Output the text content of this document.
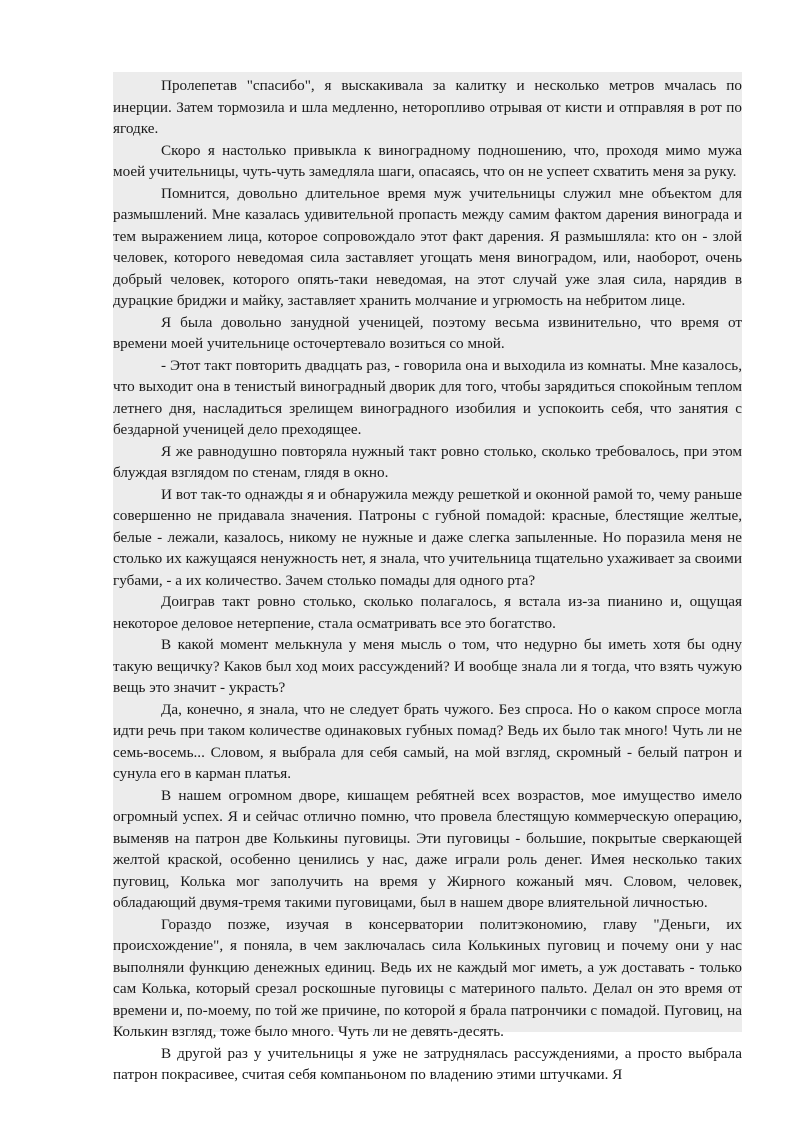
Пролепетав "спасибо", я выскакивала за калитку и несколько метров мчалась по инерции. Затем тормозила и шла медленно, неторопливо отрывая от кисти и отправляя в рот по ягодке.

Скоро я настолько привыкла к виноградному подношению, что, проходя мимо мужа моей учительницы, чуть-чуть замедляла шаги, опасаясь, что он не успеет схватить меня за руку.

Помнится, довольно длительное время муж учительницы служил мне объектом для размышлений. Мне казалась удивительной пропасть между самим фактом дарения винограда и тем выражением лица, которое сопровождало этот факт дарения. Я размышляла: кто он - злой человек, которого неведомая сила заставляет угощать меня виноградом, или, наоборот, очень добрый человек, которого опять-таки неведомая, на этот случай уже злая сила, нарядив в дурацкие бриджи и майку, заставляет хранить молчание и угрюмость на небритом лице.

Я была довольно занудной ученицей, поэтому весьма извинительно, что время от времени моей учительнице осточертевало возиться со мной.

- Этот такт повторить двадцать раз, - говорила она и выходила из комнаты. Мне казалось, что выходит она в тенистый виноградный дворик для того, чтобы зарядиться спокойным теплом летнего дня, насладиться зрелищем виноградного изобилия и успокоить себя, что занятия с бездарной ученицей дело преходящее.

Я же равнодушно повторяла нужный такт ровно столько, сколько требовалось, при этом блуждая взглядом по стенам, глядя в окно.

И вот так-то однажды я и обнаружила между решеткой и оконной рамой то, чему раньше совершенно не придавала значения. Патроны с губной помадой: красные, блестящие желтые, белые - лежали, казалось, никому не нужные и даже слегка запыленные. Но поразила меня не столько их кажущаяся ненужность нет, я знала, что учительница тщательно ухаживает за своими губами, - а их количество. Зачем столько помады для одного рта?

Доиграв такт ровно столько, сколько полагалось, я встала из-за пианино и, ощущая некоторое деловое нетерпение, стала осматривать все это богатство.

В какой момент мелькнула у меня мысль о том, что недурно бы иметь хотя бы одну такую вещичку? Каков был ход моих рассуждений? И вообще знала ли я тогда, что взять чужую вещь это значит - украсть?

Да, конечно, я знала, что не следует брать чужого. Без спроса. Но о каком спросе могла идти речь при таком количестве одинаковых губных помад? Ведь их было так много! Чуть ли не семь-восемь... Словом, я выбрала для себя самый, на мой взгляд, скромный - белый патрон и сунула его в карман платья.

В нашем огромном дворе, кишащем ребятней всех возрастов, мое имущество имело огромный успех. Я и сейчас отлично помню, что провела блестящую коммерческую операцию, выменяв на патрон две Колькины пуговицы. Эти пуговицы - большие, покрытые сверкающей желтой краской, особенно ценились у нас, даже играли роль денег. Имея несколько таких пуговиц, Колька мог заполучить на время у Жирного кожаный мяч. Словом, человек, обладающий двумя-тремя такими пуговицами, был в нашем дворе влиятельной личностью.

Гораздо позже, изучая в консерватории политэкономию, главу "Деньги, их происхождение", я поняла, в чем заключалась сила Колькиных пуговиц и почему они у нас выполняли функцию денежных единиц. Ведь их не каждый мог иметь, а уж доставать - только сам Колька, который срезал роскошные пуговицы с материного пальто. Делал он это время от времени и, по-моему, по той же причине, по которой я брала патрончики с помадой. Пуговиц, на Колькин взгляд, тоже было много. Чуть ли не девять-десять.

В другой раз у учительницы я уже не затруднялась рассуждениями, а просто выбрала патрон покрасивее, считая себя компаньоном по владению этими штучками. Я
